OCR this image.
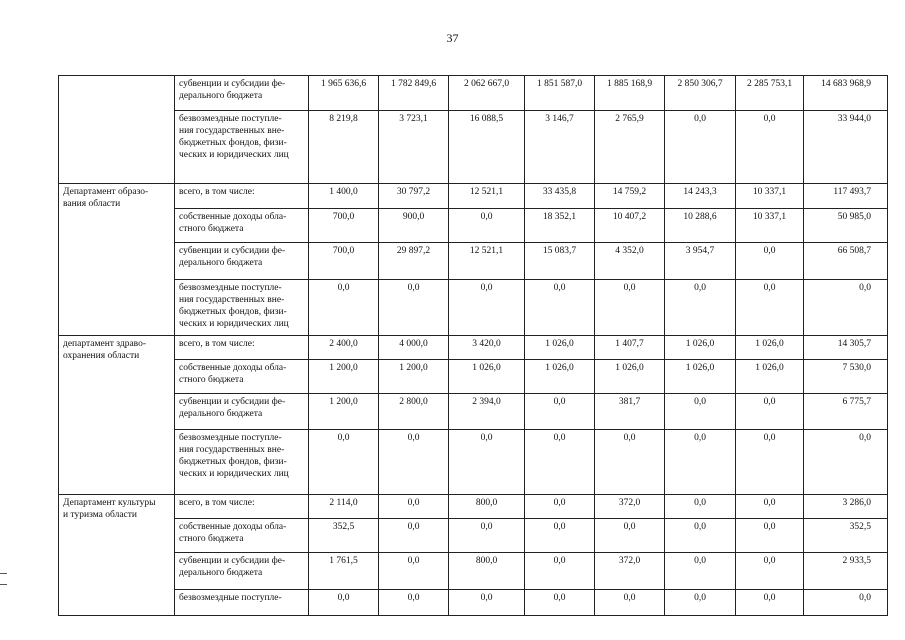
37
	субвенции и субсидии фе-
дерального бюджета	1 965 636,6	1 782 849,6	2 062 667,0	1 851 587,0	1 885 168,9	2 850 306,7	2 285 753,1	14 683 968,9
	безвозмездные поступле-
ния государственных вне-
бюджетных фондов, физи-
ческих и юридических лиц	8 219,8	3 723,1	16 088,5	3 146,7	2 765,9	0,0	0,0	33 944,0
Департамент образо-
вания области	всего, в том числе:	1 400,0	30 797,2	12 521,1	33 435,8	14 759,2	14 243,3	10 337,1	117 493,7
	собственные доходы обла-
стного бюджета	700,0	900,0	0,0	18 352,1	10 407,2	10 288,6	10 337,1	50 985,0
	субвенции и субсидии фе-
дерального бюджета	700,0	29 897,2	12 521,1	15 083,7	4 352,0	3 954,7	0,0	66 508,7
	безвозмездные поступле-
ния государственных вне-
бюджетных фондов, физи-
ческих и юридических лиц	0,0	0,0	0,0	0,0	0,0	0,0	0,0	0,0
департамент здраво-
охранения области	всего, в том числе:	2 400,0	4 000,0	3 420,0	1 026,0	1 407,7	1 026,0	1 026,0	14 305,7
	собственные доходы обла-
стного бюджета	1 200,0	1 200,0	1 026,0	1 026,0	1 026,0	1 026,0	1 026,0	7 530,0
	субвенции и субсидии фе-
дерального бюджета	1 200,0	2 800,0	2 394,0	0,0	381,7	0,0	0,0	6 775,7
	безвозмездные поступле-
ния государственных вне-
бюджетных фондов, физи-
ческих и юридических лиц	0,0	0,0	0,0	0,0	0,0	0,0	0,0	0,0
Департамент культуры
и туризма области	всего, в том числе:	2 114,0	0,0	800,0	0,0	372,0	0,0	0,0	3 286,0
	собственные доходы обла-
стного бюджета	352,5	0,0	0,0	0,0	0,0	0,0	0,0	352,5
	субвенции и субсидии фе-
дерального бюджета	1 761,5	0,0	800,0	0,0	372,0	0,0	0,0	2 933,5
	безвозмездные поступле-	0,0	0,0	0,0	0,0	0,0	0,0	0,0	0,0
